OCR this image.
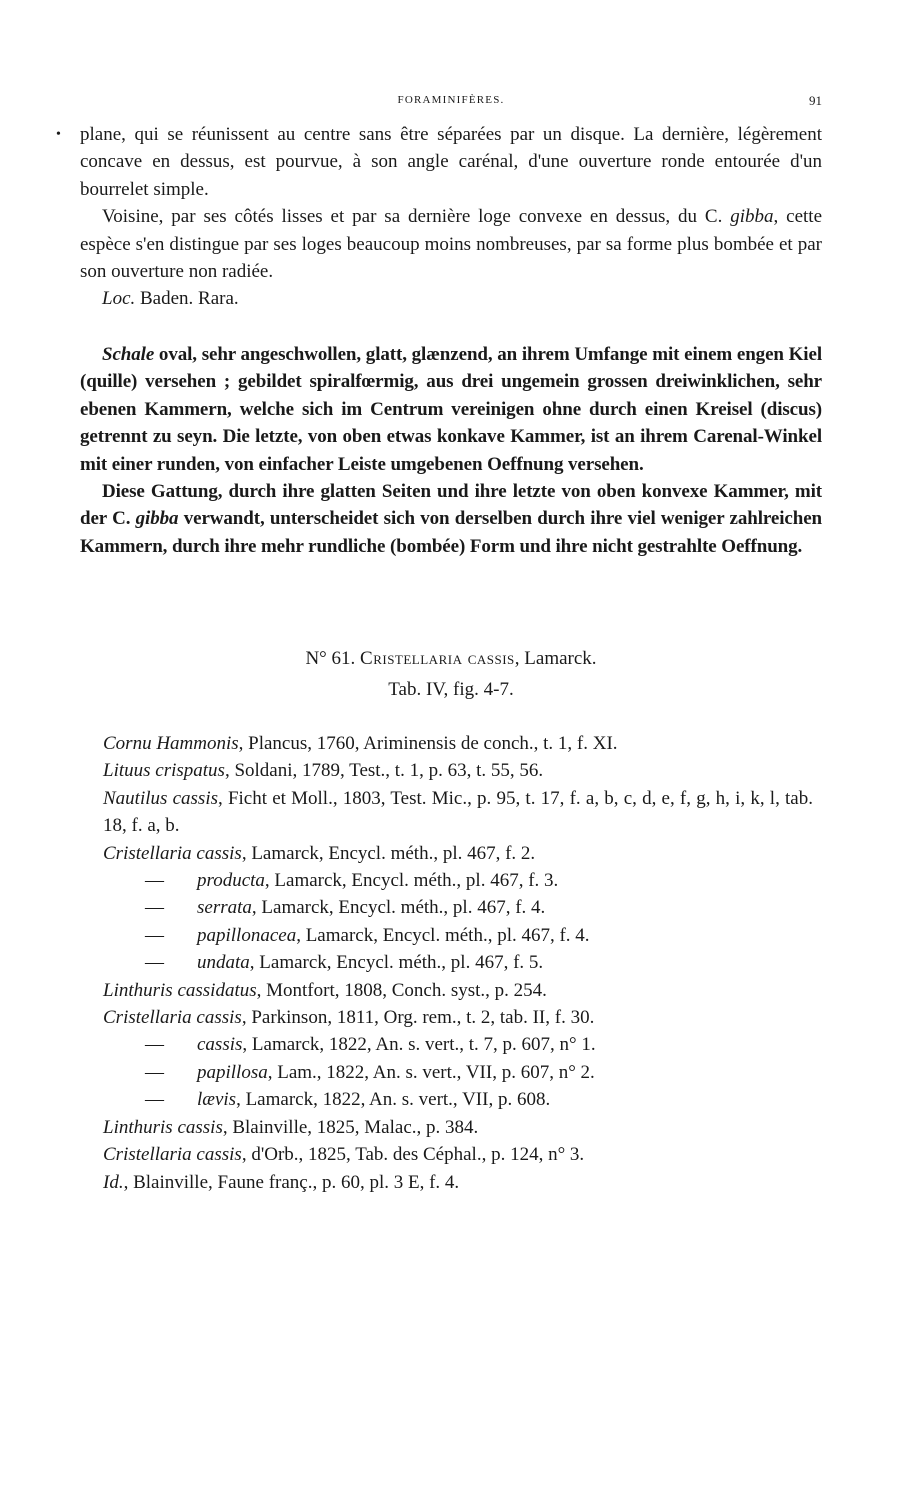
FORAMINIFÈRES.	91
• plane, qui se réunissent au centre sans être séparées par un disque. La dernière, légèrement concave en dessus, est pourvue, à son angle carénal, d'une ouverture ronde entourée d'un bourrelet simple.

Voisine, par ses côtés lisses et par sa dernière loge convexe en dessus, du C. gibba, cette espèce s'en distingue par ses loges beaucoup moins nombreuses, par sa forme plus bombée et par son ouverture non radiée.

Loc. Baden. Rara.

Schale oval, sehr angeschwollen, glatt, glænzend, an ihrem Umfange mit einem engen Kiel (quille) versehen ; gebildet spiralfœrmig, aus drei ungemein grossen dreiwinklichen, sehr ebenen Kammern, welche sich im Centrum vereinigen ohne durch einen Kreisel (discus) getrennt zu seyn. Die letzte, von oben etwas konkave Kammer, ist an ihrem Carenal-Winkel mit einer runden, von einfacher Leiste umgebenen Oeffnung versehen.

Diese Gattung, durch ihre glatten Seiten und ihre letzte von oben konvexe Kammer, mit der C. gibba verwandt, unterscheidet sich von derselben durch ihre viel weniger zahlreichen Kammern, durch ihre mehr rundliche (bombée) Form und ihre nicht gestrahlte Oeffnung.

N° 61. Cristellaria cassis, Lamarck.
Tab. IV, fig. 4-7.

Cornu Hammonis, Plancus, 1760, Ariminensis de conch., t. 1, f. XI.

Lituus crispatus, Soldani, 1789, Test., t. 1, p. 63, t. 55, 56.

Nautilus cassis, Ficht et Moll., 1803, Test. Mic., p. 95, t. 17, f. a, b, c, d, e, f, g, h, i, k, l, tab. 18, f. a, b.

Cristellaria cassis, Lamarck, Encycl. méth., pl. 467, f. 2.

— producta, Lamarck, Encycl. méth., pl. 467, f. 3.

— serrata, Lamarck, Encycl. méth., pl. 467, f. 4.

— papillonacea, Lamarck, Encycl. méth., pl. 467, f. 4.

— undata, Lamarck, Encycl. méth., pl. 467, f. 5.

Linthuris cassidatus, Montfort, 1808, Conch. syst., p. 254.

Cristellaria cassis, Parkinson, 1811, Org. rem., t. 2, tab. II, f. 30.

— cassis, Lamarck, 1822, An. s. vert., t. 7, p. 607, n° 1.

— papillosa, Lam., 1822, An. s. vert., VII, p. 607, n° 2.

— lævis, Lamarck, 1822, An. s. vert., VII, p. 608.

Linthuris cassis, Blainville, 1825, Malac., p. 384.

Cristellaria cassis, d'Orb., 1825, Tab. des Céphal., p. 124, n° 3.

Id., Blainville, Faune franç., p. 60, pl. 3 E, f. 4.
